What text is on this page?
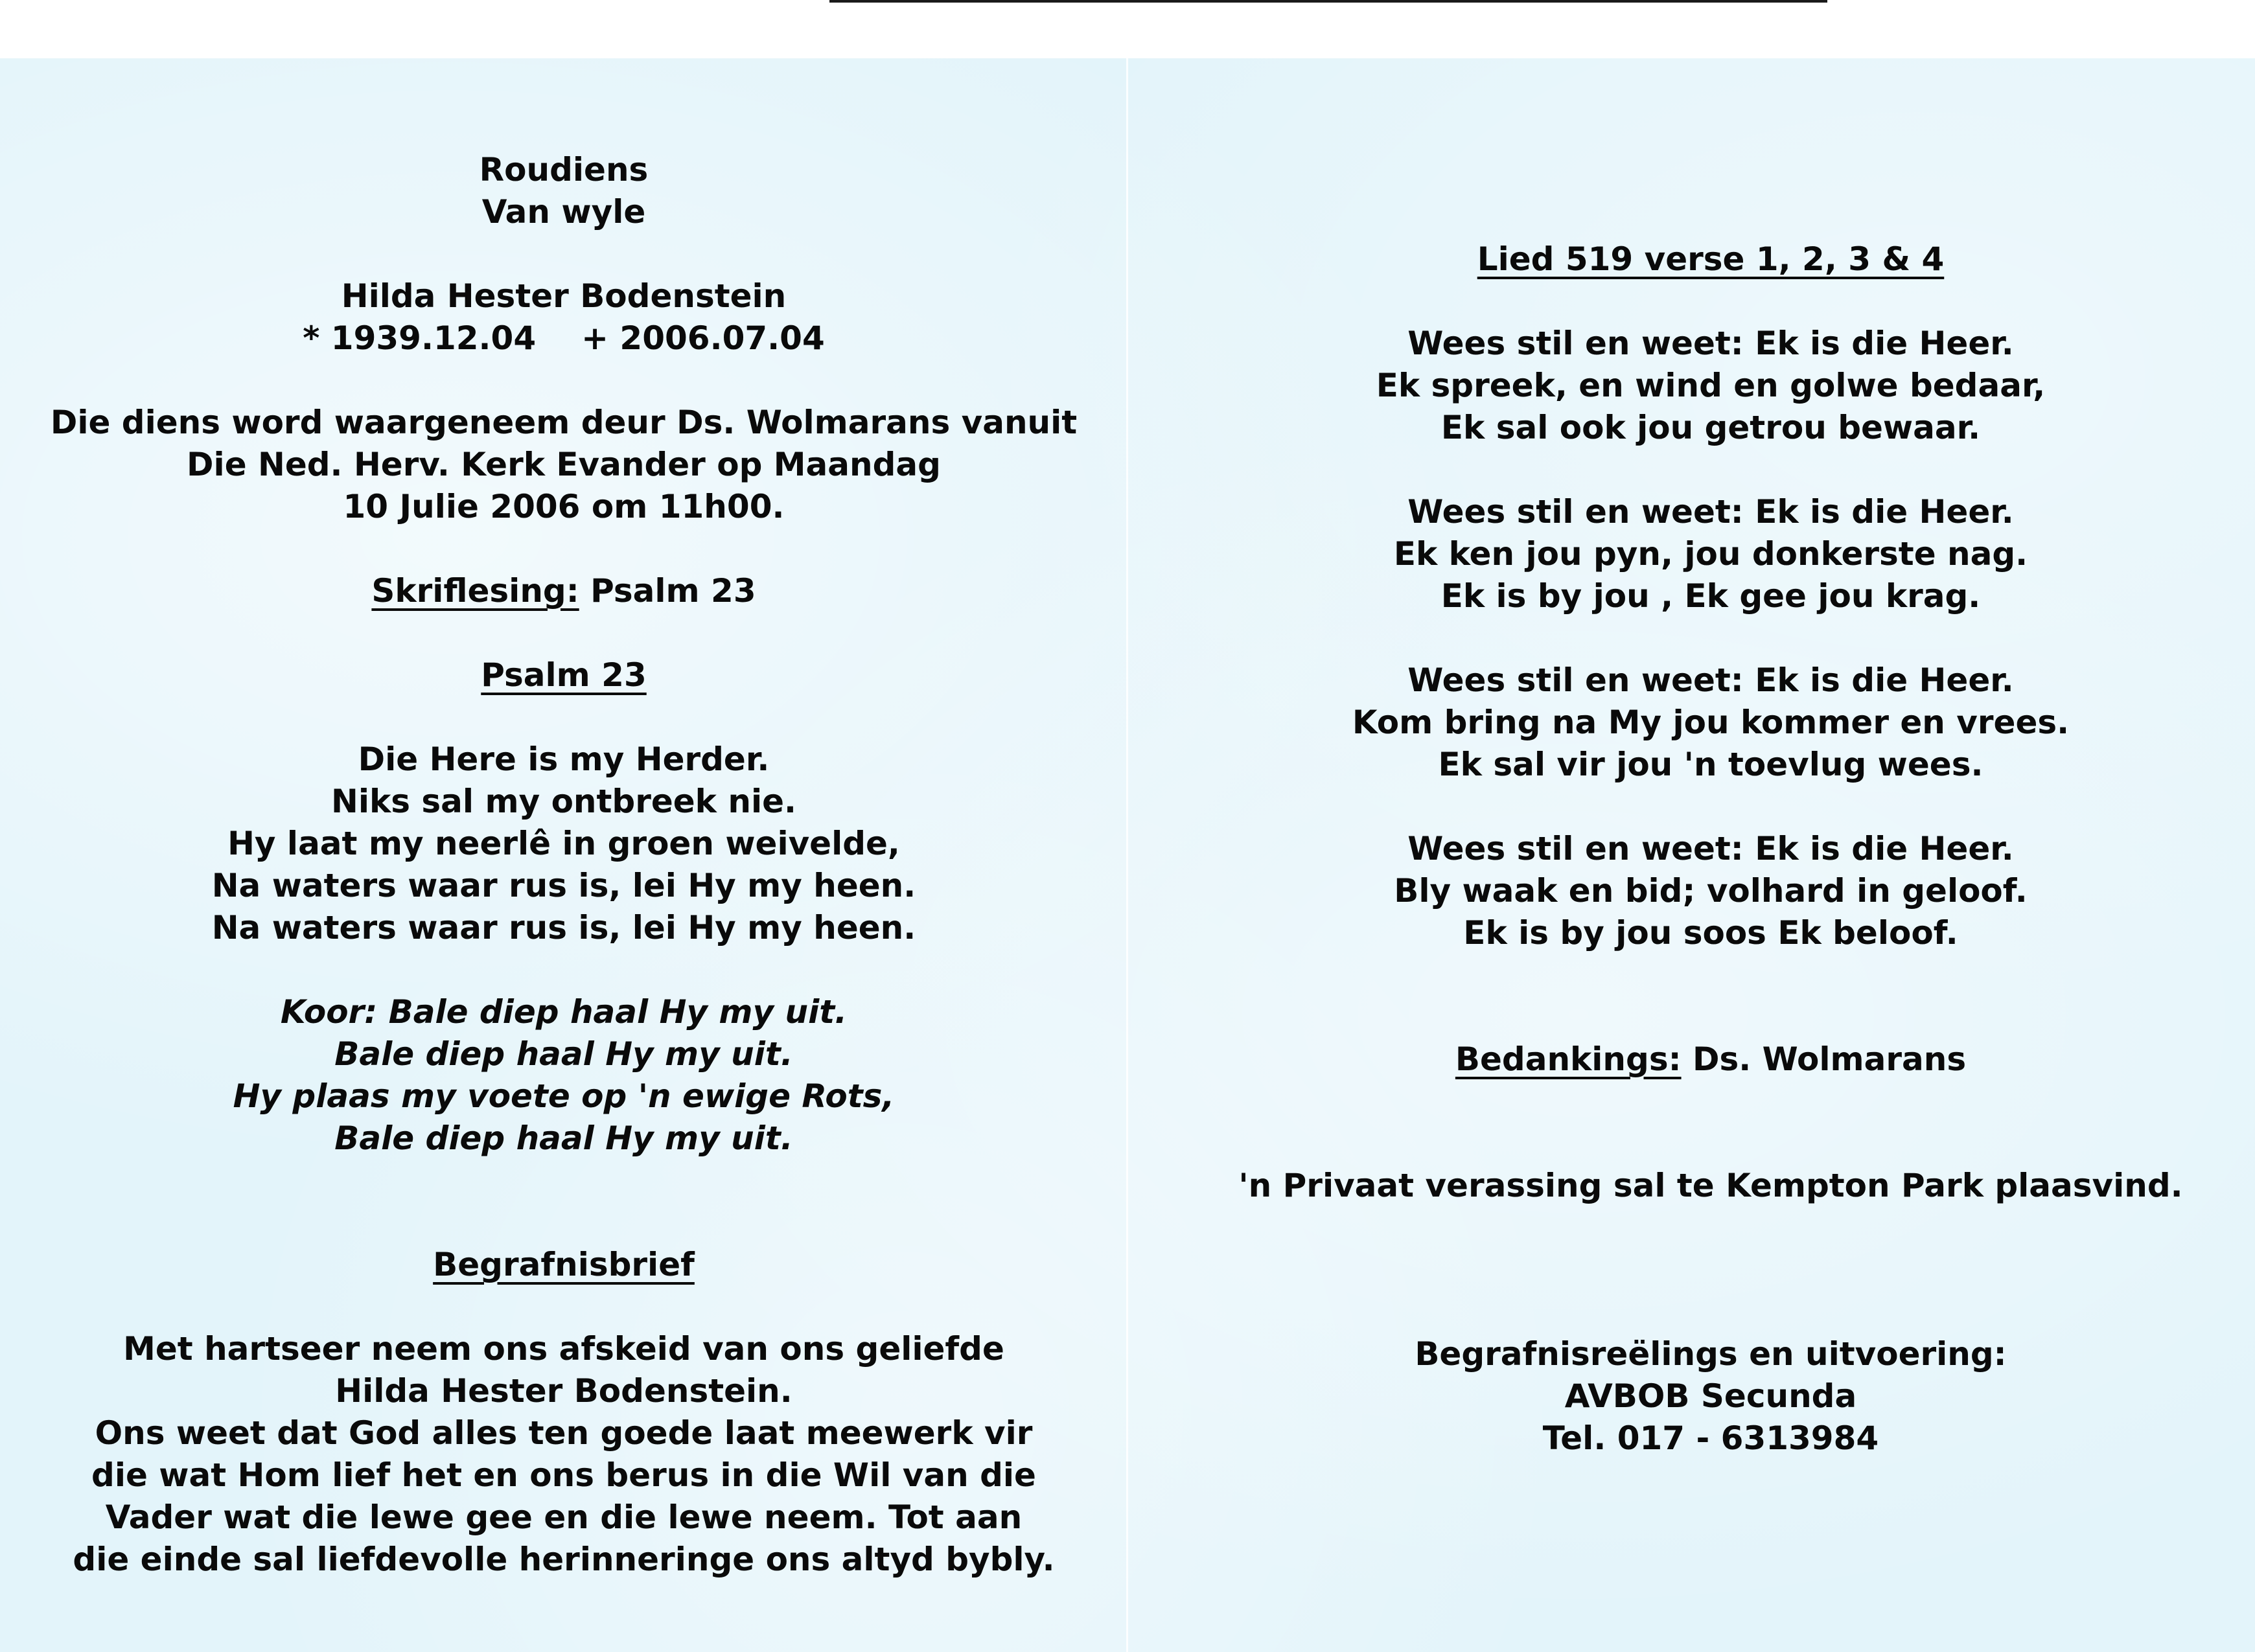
Roudiens
Van wyle
Hilda Hester Bodenstein
* 1939.12.04 + 2006.07.04
Die diens word waargeneem deur Ds. Wolmarans vanuit
Die Ned. Herv. Kerk Evander op Maandag
10 Julie 2006 om 11h00.
Skriflesing: Psalm 23
Psalm 23
Die Here is my Herder.
Niks sal my ontbreek nie.
Hy laat my neerlê in groen weivelde,
Na waters waar rus is, lei Hy my heen.
Na waters waar rus is, lei Hy my heen.
Koor: Bale diep haal Hy my uit.
Bale diep haal Hy my uit.
Hy plaas my voete op 'n ewige Rots,
Bale diep haal Hy my uit.
Begrafnisbrief
Met hartseer neem ons afskeid van ons geliefde
Hilda Hester Bodenstein.
Ons weet dat God alles ten goede laat meewerk vir
die wat Hom lief het en ons berus in die Wil van die
Vader wat die lewe gee en die lewe neem. Tot aan
die einde sal liefdevolle herinneringe ons altyd bybly.
Lied 519 verse 1, 2, 3 & 4
Wees stil en weet: Ek is die Heer.
Ek spreek, en wind en golwe bedaar,
Ek sal ook jou getrou bewaar.
Wees stil en weet: Ek is die Heer.
Ek ken jou pyn, jou donkerste nag.
Ek is by jou , Ek gee jou krag.
Wees stil en weet: Ek is die Heer.
Kom bring na My jou kommer en vrees.
Ek sal vir jou 'n toevlug wees.
Wees stil en weet: Ek is die Heer.
Bly waak en bid; volhard in geloof.
Ek is by jou soos Ek beloof.
Bedankings: Ds. Wolmarans
'n Privaat verassing sal te Kempton Park plaasvind.
Begrafnisreëlings en uitvoering:
AVBOB Secunda
Tel. 017 - 6313984
